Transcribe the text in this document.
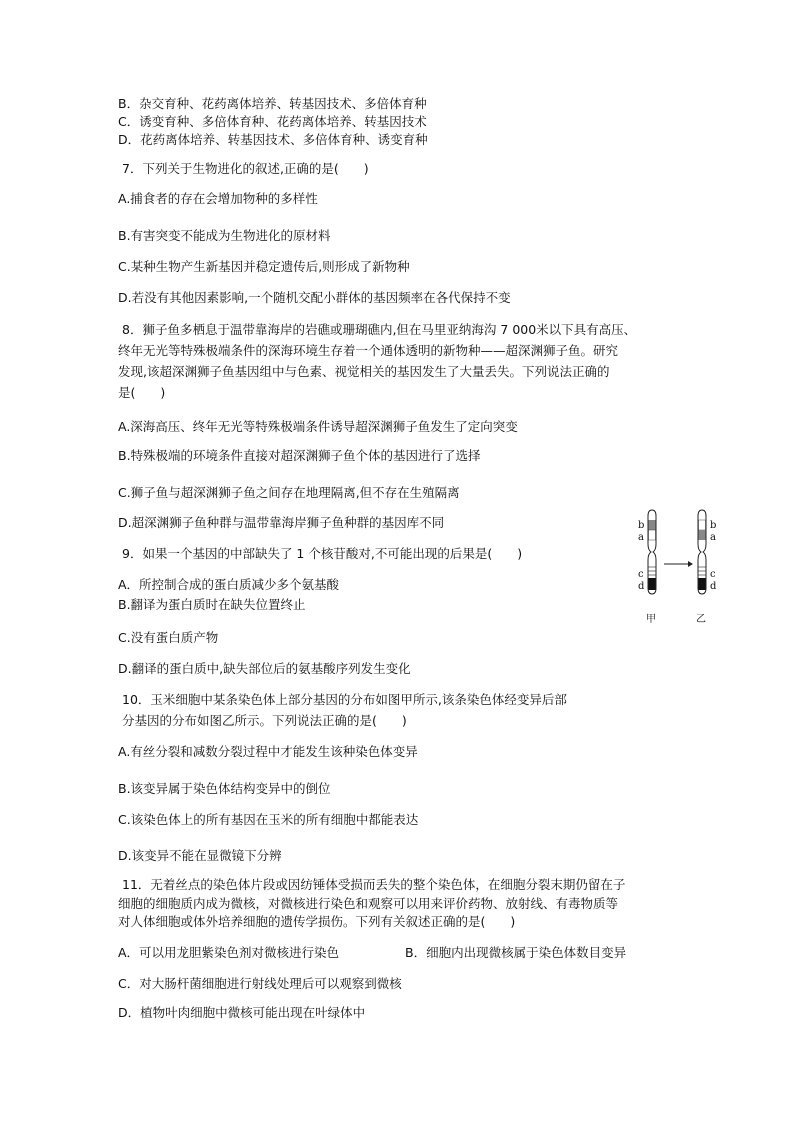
B．杂交育种、花药离体培养、转基因技术、多倍体育种
C．诱变育种、多倍体育种、花药离体培养、转基因技术
D．花药离体培养、转基因技术、多倍体育种、诱变育种
7．下列关于生物进化的叙述,正确的是(　　)
A.捕食者的存在会增加物种的多样性
B.有害突变不能成为生物进化的原材料
C.某种生物产生新基因并稳定遗传后,则形成了新物种
D.若没有其他因素影响,一个随机交配小群体的基因频率在各代保持不变
8．狮子鱼多栖息于温带靠海岸的岩礁或珊瑚礁内,但在马里亚纳海沟 7 000米以下具有高压、
终年无光等特殊极端条件的深海环境生存着一个通体透明的新物种——超深渊狮子鱼。研究
发现,该超深渊狮子鱼基因组中与色素、视觉相关的基因发生了大量丢失。下列说法正确的
是(　　)
A.深海高压、终年无光等特殊极端条件诱导超深渊狮子鱼发生了定向突变
B.特殊极端的环境条件直接对超深渊狮子鱼个体的基因进行了选择
C.狮子鱼与超深渊狮子鱼之间存在地理隔离,但不存在生殖隔离
D.超深渊狮子鱼种群与温带靠海岸狮子鱼种群的基因库不同
9．如果一个基因的中部缺失了 1 个核苷酸对,不可能出现的后果是(　　)
A．所控制合成的蛋白质减少多个氨基酸
B.翻译为蛋白质时在缺失位置终止
C.没有蛋白质产物
D.翻译的蛋白质中,缺失部位后的氨基酸序列发生变化
b
a
c
d
b
a
c
d
甲	乙
10．玉米细胞中某条染色体上部分基因的分布如图甲所示,该条染色体经变异后部
分基因的分布如图乙所示。下列说法正确的是(　　)
A.有丝分裂和减数分裂过程中才能发生该种染色体变异
B.该变异属于染色体结构变异中的倒位
C.该染色体上的所有基因在玉米的所有细胞中都能表达
D.该变异不能在显微镜下分辨
11．无着丝点的染色体片段或因纺锤体受损而丢失的整个染色体，在细胞分裂末期仍留在子
细胞的细胞质内成为微核，对微核进行染色和观察可以用来评价药物、放射线、有毒物质等
对人体细胞或体外培养细胞的遗传学损伤。下列有关叙述正确的是(　　)
A．可以用龙胆紫染色剂对微核进行染色	B．细胞内出现微核属于染色体数目变异
C．对大肠杆菌细胞进行射线处理后可以观察到微核
D．植物叶肉细胞中微核可能出现在叶绿体中
